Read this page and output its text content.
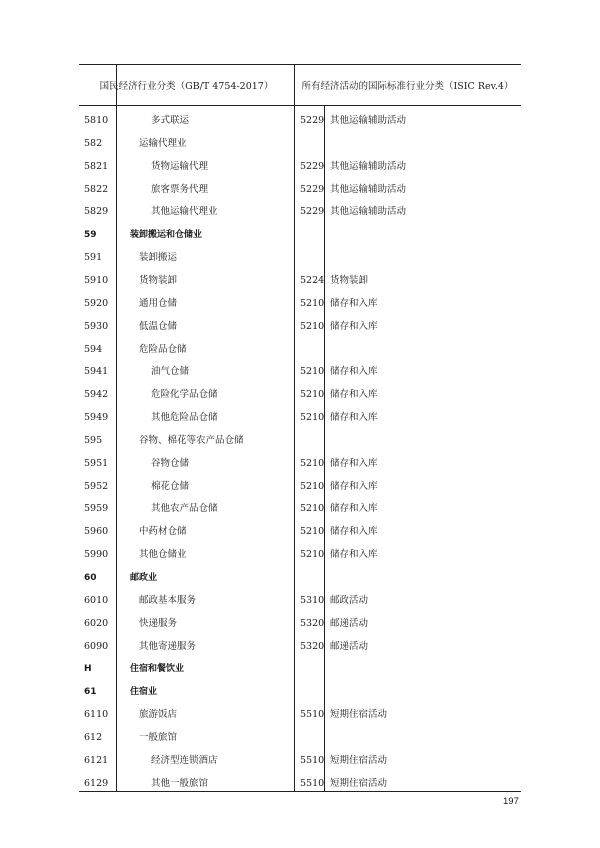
国民经济行业分类（GB/T 4754-2017）	所有经济活动的国际标准行业分类（ISIC Rev.4）
5810	多式联运	5229 其他运输辅助活动
582	运输代理业
5821	货物运输代理	5229 其他运输辅助活动
5822	旅客票务代理	5229 其他运输辅助活动
5829	其他运输代理业	5229 其他运输辅助活动
59	装卸搬运和仓储业
591	装卸搬运
5910	货物装卸	5224 货物装卸
5920	通用仓储	5210 储存和入库
5930	低温仓储	5210 储存和入库
594	危险品仓储
5941	油气仓储	5210 储存和入库
5942	危险化学品仓储	5210 储存和入库
5949	其他危险品仓储	5210 储存和入库
595	谷物、棉花等农产品仓储
5951	谷物仓储	5210 储存和入库
5952	棉花仓储	5210 储存和入库
5959	其他农产品仓储	5210 储存和入库
5960	中药材仓储	5210 储存和入库
5990	其他仓储业	5210 储存和入库
60	邮政业
6010	邮政基本服务	5310 邮政活动
6020	快递服务	5320 邮递活动
6090	其他寄递服务	5320 邮递活动
H	住宿和餐饮业
61	住宿业
6110	旅游饭店	5510 短期住宿活动
612	一般旅馆
6121	经济型连锁酒店	5510 短期住宿活动
6129	其他一般旅馆	5510 短期住宿活动
197
